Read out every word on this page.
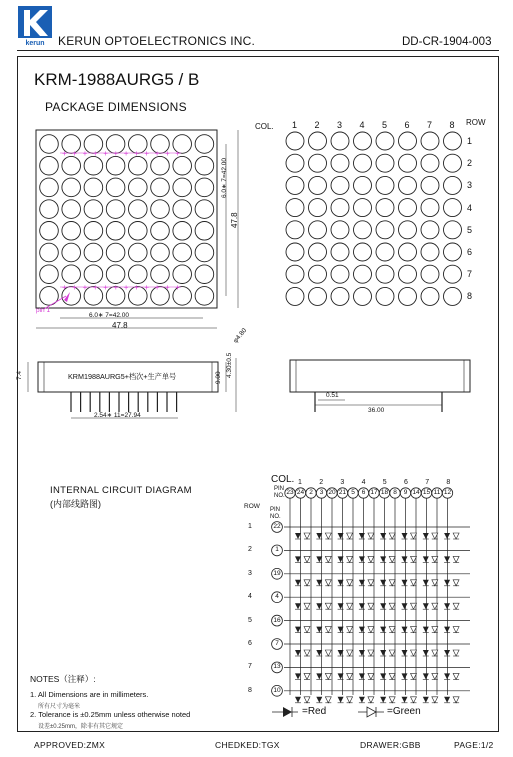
kerun KERUN OPTOELECTRONICS INC.	DD-CR-1904-003
KRM-1988AURG5 / B
PACKAGE DIMENSIONS
+ + + + + + + + + + + +
+ + + + + + + + + + + +
6.0∗ 7=42.00
47.8
6.0∗ 7=42.00
47.8
φ4.80
pin 1
KRM1988AURG5+档次+生产单号
7.4	9.00 4.30±0.5
2.54∗ 11=27.94
0.51
36.00
COL.	ROW
1 2 3 4 5 6 7 8
1
2
3
4
5
6
7
8
INTERNAL CIRCUIT DIAGRAM
(内部线路图)
COL.
PIN
NO.
ROW PIN
NO.
1 2 3 4 5 6 7 8
23 24 2	3 20 21 5	6 17 18 8	9 14 15 11 12
1
2
3
4
5
6
7
8
22
1
19
4
16
7
13
10
=Red	=Green
NOTES（注释）:
1. All Dimensions are in millimeters.
所有尺寸为毫米
2. Tolerance is ±0.25mm unless otherwise noted
设差±0.25mm，除非有其它规定
APPROVED:ZMX	CHEDKED:TGX	DRAWER:GBB	PAGE:1/2
